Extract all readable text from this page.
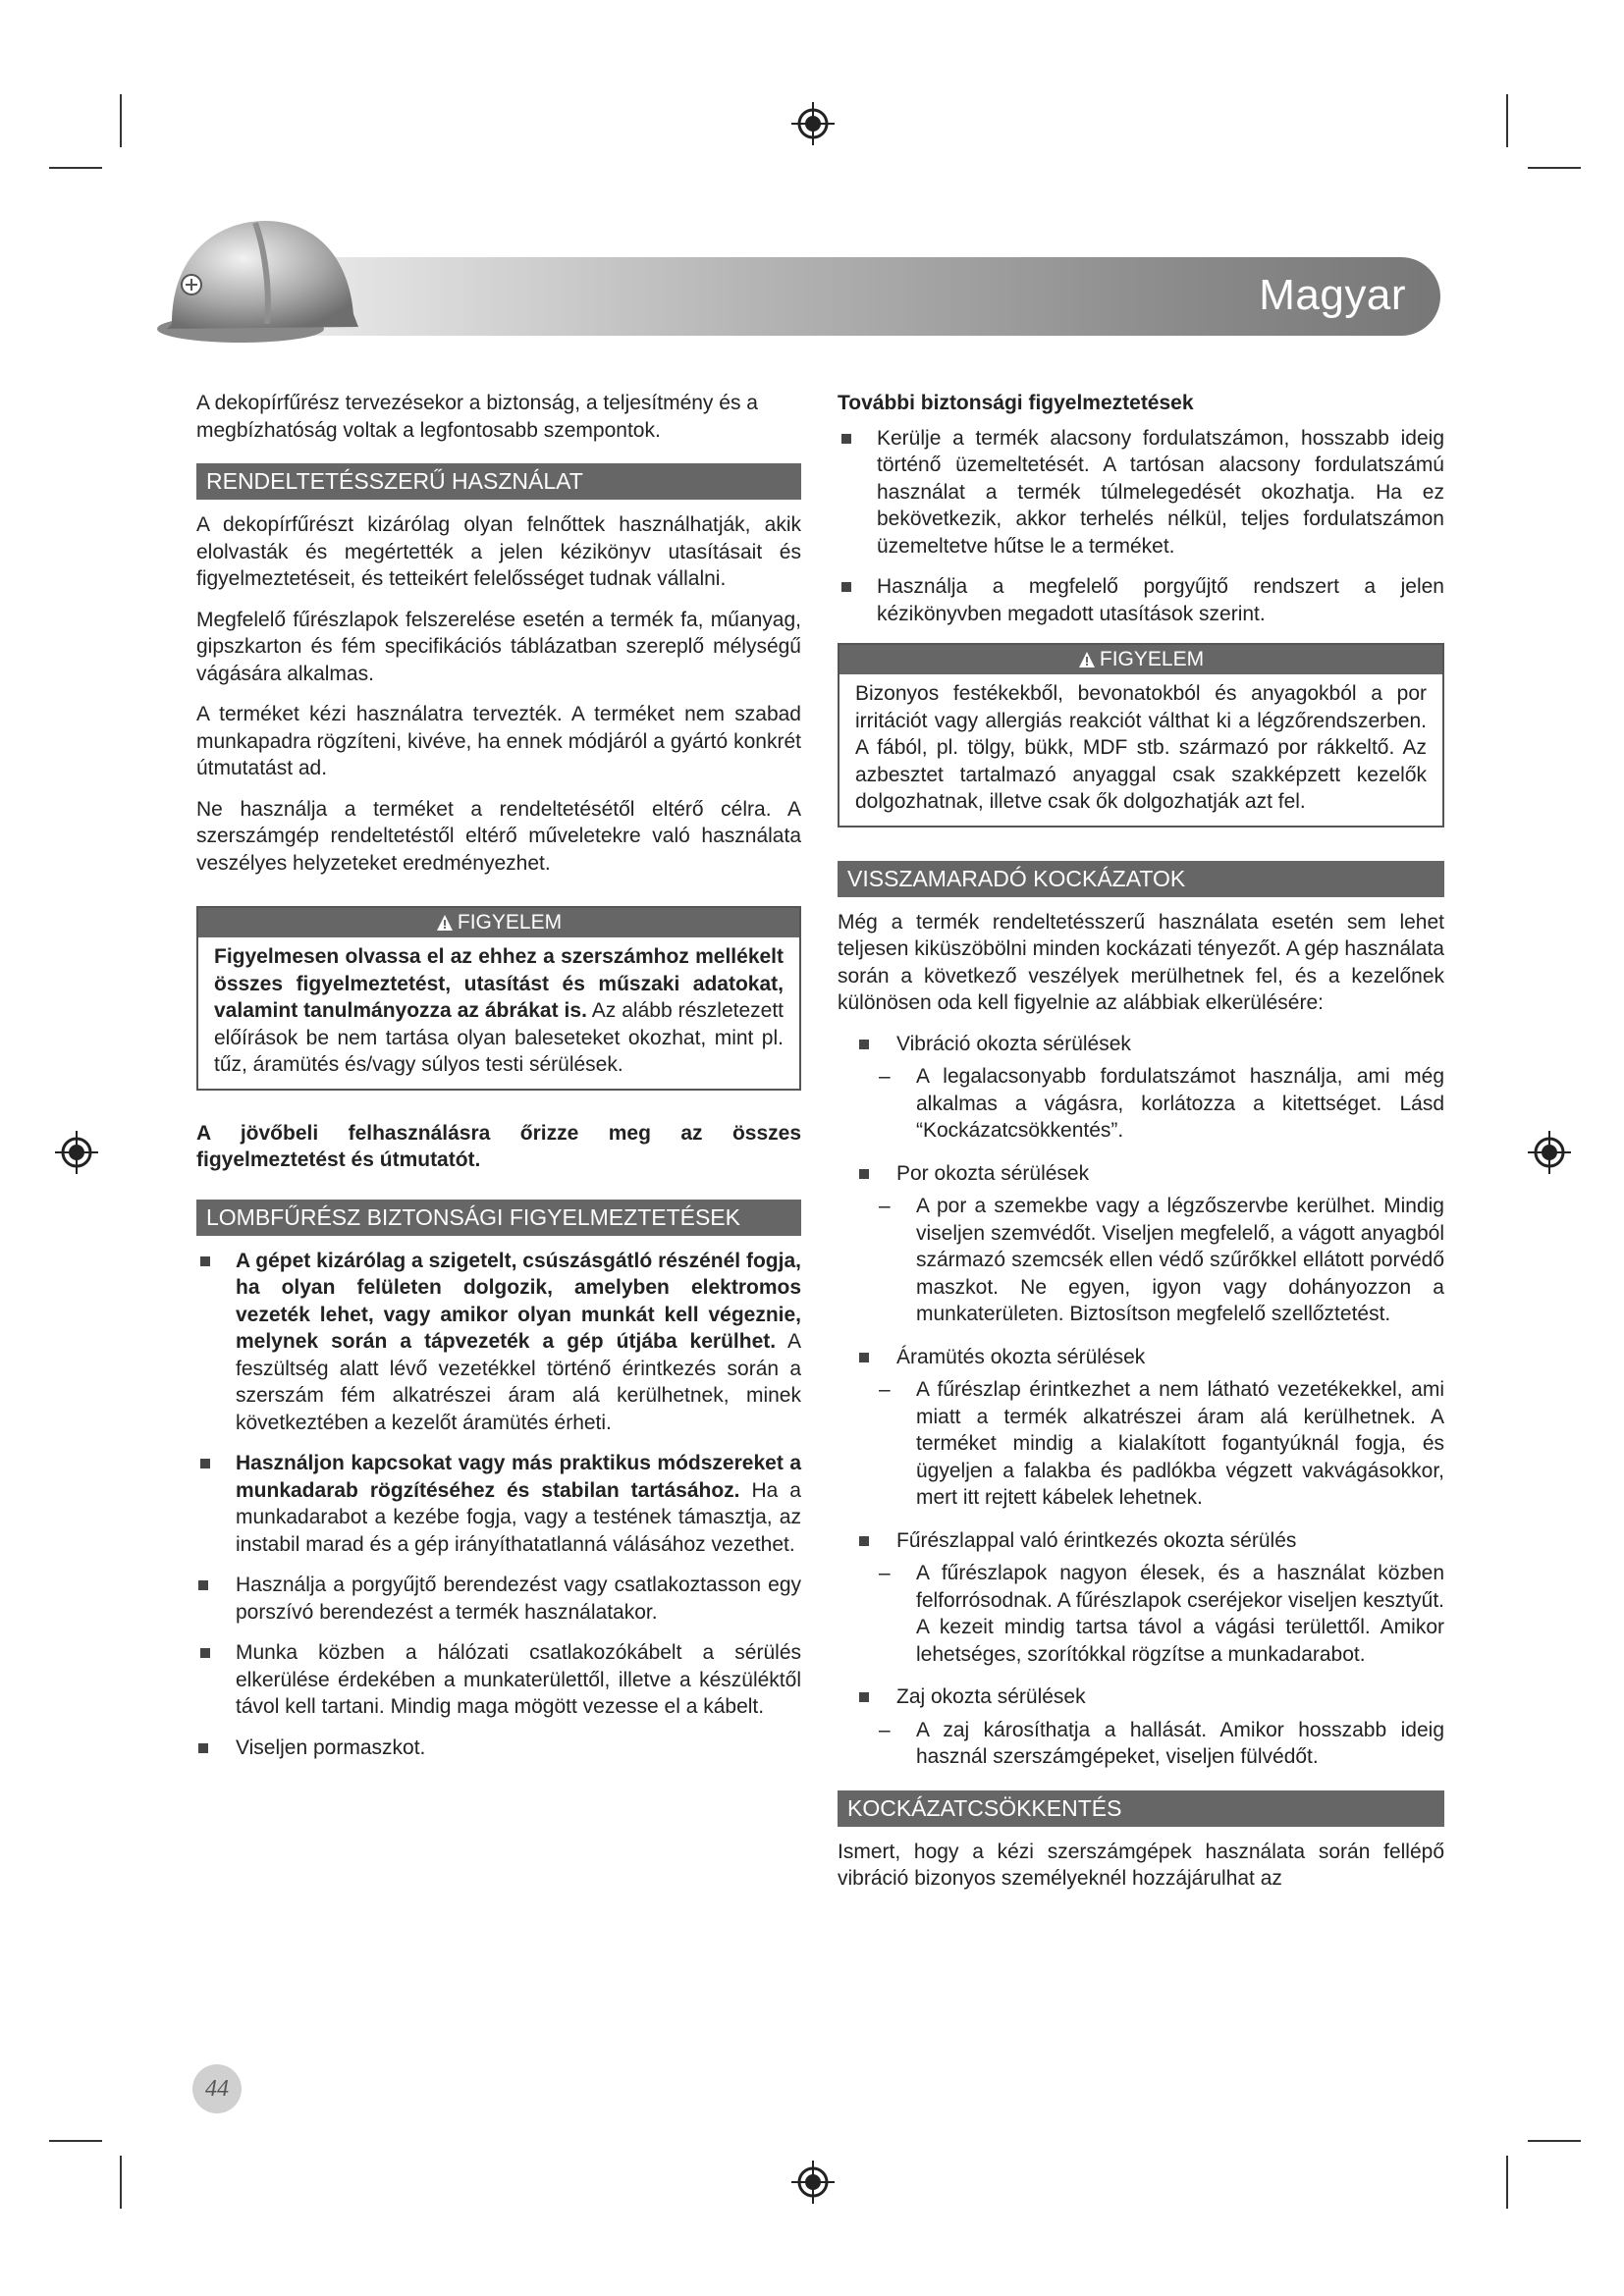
Magyar

A dekopírfűrész tervezésekor a biztonság, a teljesítmény és a megbízhatóság voltak a legfontosabb szempontok.

RENDELTETÉSSZERŰ HASZNÁLAT

A dekopírfűrészt kizárólag olyan felnőttek használhatják, akik elolvasták és megértették a jelen kézikönyv utasításait és figyelmeztetéseit, és tetteikért felelősséget tudnak vállalni.

Megfelelő fűrészlapok felszerelése esetén a termék fa, műanyag, gipszkarton és fém specifikációs táblázatban szereplő mélységű vágására alkalmas.

A terméket kézi használatra tervezték. A terméket nem szabad munkapadra rögzíteni, kivéve, ha ennek módjáról a gyártó konkrét útmutatást ad.

Ne használja a terméket a rendeltetésétől eltérő célra. A szerszámgép rendeltetéstől eltérő műveletekre való használata veszélyes helyzeteket eredményezhet.

FIGYELEM
Figyelmesen olvassa el az ehhez a szerszámhoz mellékelt összes figyelmeztetést, utasítást és műszaki adatokat, valamint tanulmányozza az ábrákat is. Az alább részletezett előírások be nem tartása olyan baleseteket okozhat, mint pl. tűz, áramütés és/vagy súlyos testi sérülések.

A jövőbeli felhasználásra őrizze meg az összes figyelmeztetést és útmutatót.

LOMBFŰRÉSZ BIZTONSÁGI FIGYELMEZTETÉSEK
A gépet kizárólag a szigetelt, csúszásgátló részénél fogja, ha olyan felületen dolgozik, amelyben elektromos vezeték lehet, vagy amikor olyan munkát kell végeznie, melynek során a tápvezeték a gép útjába kerülhet. A feszültség alatt lévő vezetékkel történő érintkezés során a szerszám fém alkatrészei áram alá kerülhetnek, minek következtében a kezelőt áramütés érheti.
Használjon kapcsokat vagy más praktikus módszereket a munkadarab rögzítéséhez és stabilan tartásához. Ha a munkadarabot a kezébe fogja, vagy a testének támasztja, az instabil marad és a gép irányíthatatlanná válásához vezethet.
Használja a porgyűjtő berendezést vagy csatlakoztasson egy porszívó berendezést a termék használatakor.
Munka közben a hálózati csatlakozókábelt a sérülés elkerülése érdekében a munkaterülettől, illetve a készüléktől távol kell tartani. Mindig maga mögött vezesse el a kábelt.
Viseljen pormaszkot.

További biztonsági figyelmeztetések

Kerülje a termék alacsony fordulatszámon, hosszabb ideig történő üzemeltetését. A tartósan alacsony fordulatszámú használat a termék túlmelegedését okozhatja. Ha ez bekövetkezik, akkor terhelés nélkül, teljes fordulatszámon üzemeltetve hűtse le a terméket.
Használja a megfelelő porgyűjtő rendszert a jelen kézikönyvben megadott utasítások szerint.
FIGYELEM
Bizonyos festékekből, bevonatokból és anyagokból a por irritációt vagy allergiás reakciót válthat ki a légzőrendszerben. A fából, pl. tölgy, bükk, MDF stb. származó por rákkeltő. Az azbesztet tartalmazó anyaggal csak szakképzett kezelők dolgozhatnak, illetve csak ők dolgozhatják azt fel.
VISSZAMARADÓ KOCKÁZATOK

Még a termék rendeltetésszerű használata esetén sem lehet teljesen kiküszöbölni minden kockázati tényezőt. A gép használata során a következő veszélyek merülhetnek fel, és a kezelőnek különösen oda kell figyelnie az alábbiak elkerülésére:

Vibráció okozta sérülések
– A legalacsonyabb fordulatszámot használja, ami még alkalmas a vágásra, korlátozza a kitettséget. Lásd “Kockázatcsökkentés”.
Por okozta sérülések
– A por a szemekbe vagy a légzőszervbe kerülhet. Mindig viseljen szemvédőt. Viseljen megfelelő, a vágott anyagból származó szemcsék ellen védő szűrőkkel ellátott porvédő maszkot. Ne egyen, igyon vagy dohányozzon a munkaterületen. Biztosítson megfelelő szellőztetést.
Áramütés okozta sérülések
– A fűrészlap érintkezhet a nem látható vezetékekkel, ami miatt a termék alkatrészei áram alá kerülhetnek. A terméket mindig a kialakított fogantyúknál fogja, és ügyeljen a falakba és padlókba végzett vakvágásokkor, mert itt rejtett kábelek lehetnek.
Fűrészlappal való érintkezés okozta sérülés
– A fűrészlapok nagyon élesek, és a használat közben felforrósodnak. A fűrészlapok cseréjekor viseljen kesztyűt. A kezeit mindig tartsa távol a vágási területtől. Amikor lehetséges, szorítókkal rögzítse a munkadarabot.
Zaj okozta sérülések
– A zaj károsíthatja a hallását. Amikor hosszabb ideig használ szerszámgépeket, viseljen fülvédőt.
KOCKÁZATCSÖKKENTÉS

Ismert, hogy a kézi szerszámgépek használata során fellépő vibráció bizonyos személyeknél hozzájárulhat az

44
